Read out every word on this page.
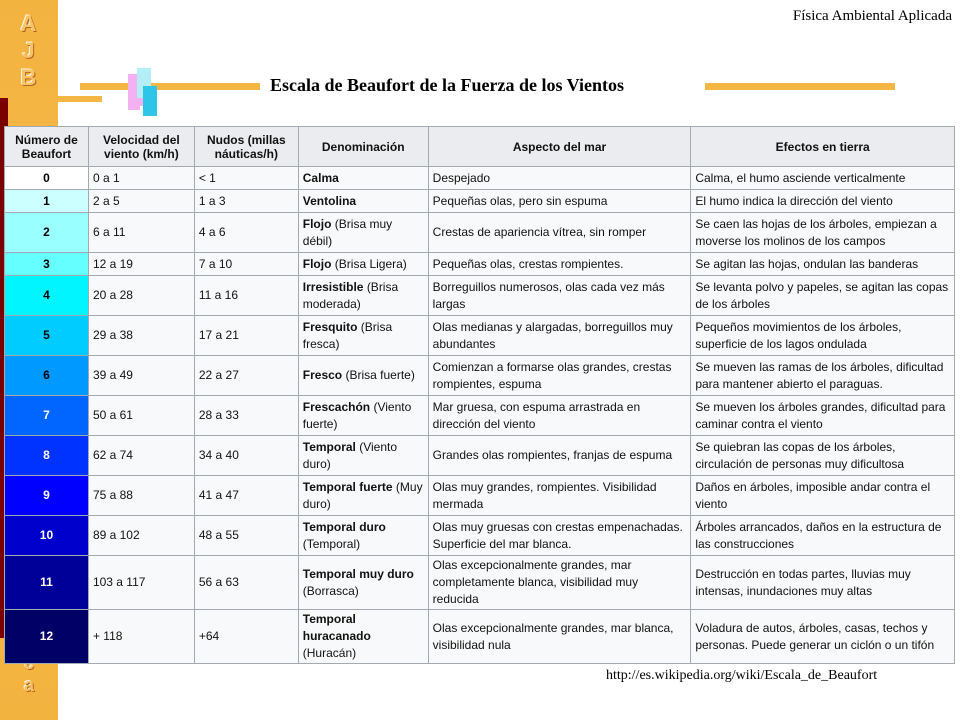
A
J
B
a
Física Ambiental Aplicada
Escala de Beaufort de la Fuerza de los Vientos
Número de Beaufort	Velocidad del viento (km/h)	Nudos (millas náuticas/h)	Denominación	Aspecto del mar	Efectos en tierra
0	0 a 1	< 1	Calma	Despejado	Calma, el humo asciende verticalmente
1	2 a 5	1 a 3	Ventolina	Pequeñas olas, pero sin espuma	El humo indica la dirección del viento
2	6 a 11	4 a 6	Flojo (Brisa muy débil)	Crestas de apariencia vítrea, sin romper	Se caen las hojas de los árboles, empiezan a moverse los molinos de los campos
3	12 a 19	7 a 10	Flojo (Brisa Ligera)	Pequeñas olas, crestas rompientes.	Se agitan las hojas, ondulan las banderas
4	20 a 28	11 a 16	Irresistible (Brisa moderada)	Borreguillos numerosos, olas cada vez más largas	Se levanta polvo y papeles, se agitan las copas de los árboles
5	29 a 38	17 a 21	Fresquito (Brisa fresca)	Olas medianas y alargadas, borreguillos muy abundantes	Pequeños movimientos de los árboles, superficie de los lagos ondulada
6	39 a 49	22 a 27	Fresco (Brisa fuerte)	Comienzan a formarse olas grandes, crestas rompientes, espuma	Se mueven las ramas de los árboles, dificultad para mantener abierto el paraguas.
7	50 a 61	28 a 33	Frescachón (Viento fuerte)	Mar gruesa, con espuma arrastrada en dirección del viento	Se mueven los árboles grandes, dificultad para caminar contra el viento
8	62 a 74	34 a 40	Temporal (Viento duro)	Grandes olas rompientes, franjas de espuma	Se quiebran las copas de los árboles, circulación de personas muy dificultosa
9	75 a 88	41 a 47	Temporal fuerte (Muy duro)	Olas muy grandes, rompientes. Visibilidad mermada	Daños en árboles, imposible andar contra el viento
10	89 a 102	48 a 55	Temporal duro (Temporal)	Olas muy gruesas con crestas empenachadas. Superficie del mar blanca.	Árboles arrancados, daños en la estructura de las construcciones
11	103 a 117	56 a 63	Temporal muy duro (Borrasca)	Olas excepcionalmente grandes, mar completamente blanca, visibilidad muy reducida	Destrucción en todas partes, lluvias muy intensas, inundaciones muy altas
12	+ 118	+64	Temporal huracanado (Huracán)	Olas excepcionalmente grandes, mar blanca, visibilidad nula	Voladura de autos, árboles, casas, techos y personas. Puede generar un ciclón o un tifón
http://es.wikipedia.org/wiki/Escala_de_Beaufort
